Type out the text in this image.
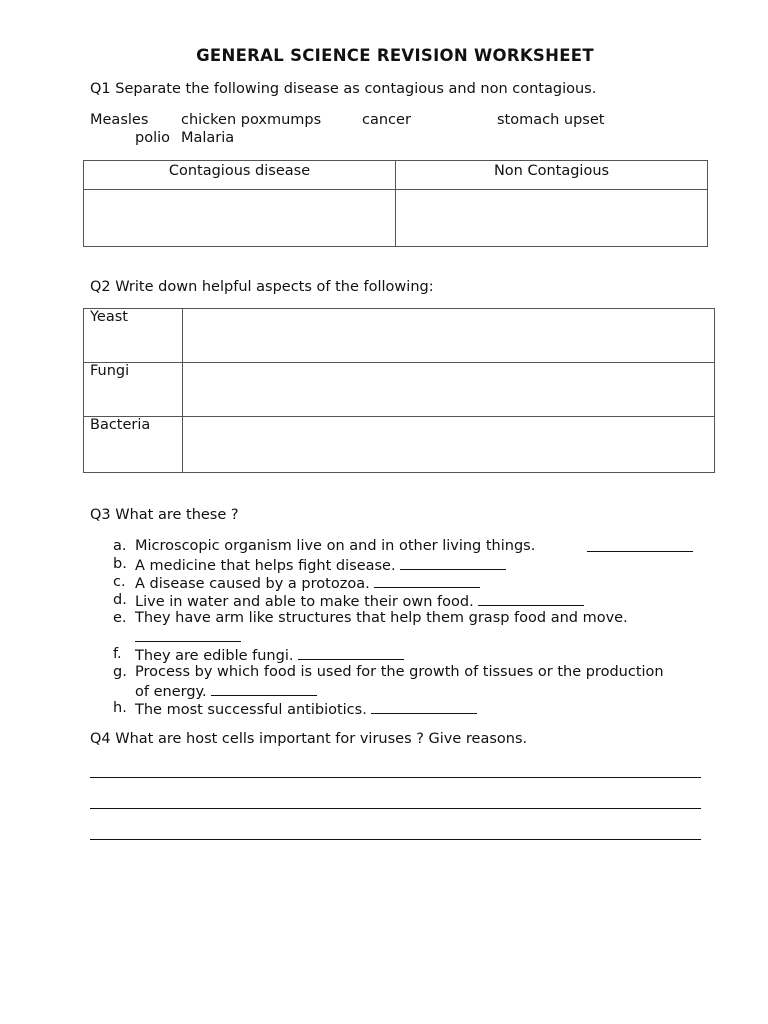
GENERAL SCIENCE REVISION WORKSHEET
Q1 Separate the following disease as contagious and non contagious.
Measles chicken poxmumps	cancer	stomach upset
polio Malaria
Contagious disease	Non Contagious

Q2 Write down helpful aspects of the following:
Yeast	
Fungi	
Bacteria	
Q3 What are these ?
a. Microscopic organism live on and in other living things.
b. A medicine that helps fight disease.
c. A disease caused by a protozoa.
d. Live in water and able to make their own food.
e. They have arm like structures that help them grasp food and move.
f. They are edible fungi.
g. Process by which food is used for the growth of tissues or the production
of energy.
h. The most successful antibiotics.
Q4 What are host cells important for viruses ? Give reasons.
